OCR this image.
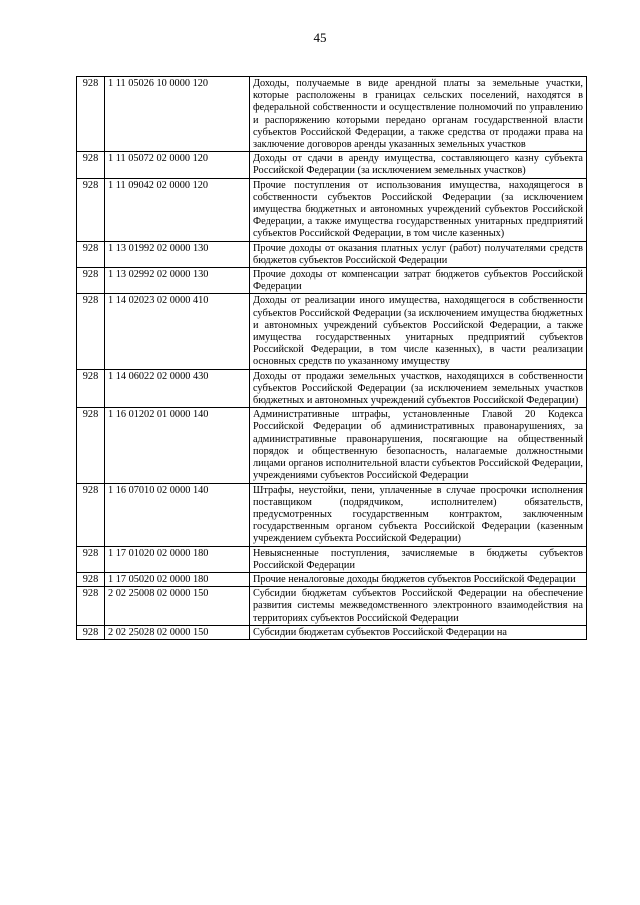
45
928	1 11 05026 10 0000 120	Доходы, получаемые в виде арендной платы за земельные участки, которые расположены в границах сельских поселений, находятся в федеральной собственности и осуществление полномочий по управлению и распоряжению которыми передано органам государственной власти субъектов Российской Федерации, а также средства от продажи права на заключение договоров аренды указанных земельных участков
928	1 11 05072 02 0000 120	Доходы от сдачи в аренду имущества, составляющего казну субъекта Российской Федерации (за исключением земельных участков)
928	1 11 09042 02 0000 120	Прочие поступления от использования имущества, находящегося в собственности субъектов Российской Федерации (за исключением имущества бюджетных и автономных учреждений субъектов Российской Федерации, а также имущества государственных унитарных предприятий субъектов Российской Федерации, в том числе казенных)
928	1 13 01992 02 0000 130	Прочие доходы от оказания платных услуг (работ) получателями средств бюджетов субъектов Российской Федерации
928	1 13 02992 02 0000 130	Прочие доходы от компенсации затрат бюджетов субъектов Российской Федерации
928	1 14 02023 02 0000 410	Доходы от реализации иного имущества, находящегося в собственности субъектов Российской Федерации (за исключением имущества бюджетных и автономных учреждений субъектов Российской Федерации, а также имущества государственных унитарных предприятий субъектов Российской Федерации, в том числе казенных), в части реализации основных средств по указанному имуществу
928	1 14 06022 02 0000 430	Доходы от продажи земельных участков, находящихся в собственности субъектов Российской Федерации (за исключением земельных участков бюджетных и автономных учреждений субъектов Российской Федерации)
928	1 16 01202 01 0000 140	Административные штрафы, установленные Главой 20 Кодекса Российской Федерации об административных правонарушениях, за административные правонарушения, посягающие на общественный порядок и общественную безопасность, налагаемые должностными лицами органов исполнительной власти субъектов Российской Федерации, учреждениями субъектов Российской Федерации
928	1 16 07010 02 0000 140	Штрафы, неустойки, пени, уплаченные в случае просрочки исполнения поставщиком (подрядчиком, исполнителем) обязательств, предусмотренных государственным контрактом, заключенным государственным органом субъекта Российской Федерации (казенным учреждением субъекта Российской Федерации)
928	1 17 01020 02 0000 180	Невыясненные поступления, зачисляемые в бюджеты субъектов Российской Федерации
928	1 17 05020 02 0000 180	Прочие неналоговые доходы бюджетов субъектов Российской Федерации
928	2 02 25008 02 0000 150	Субсидии бюджетам субъектов Российской Федерации на обеспечение развития системы межведомственного электронного взаимодействия на территориях субъектов Российской Федерации
928	2 02 25028 02 0000 150	Субсидии бюджетам субъектов Российской Федерации на
